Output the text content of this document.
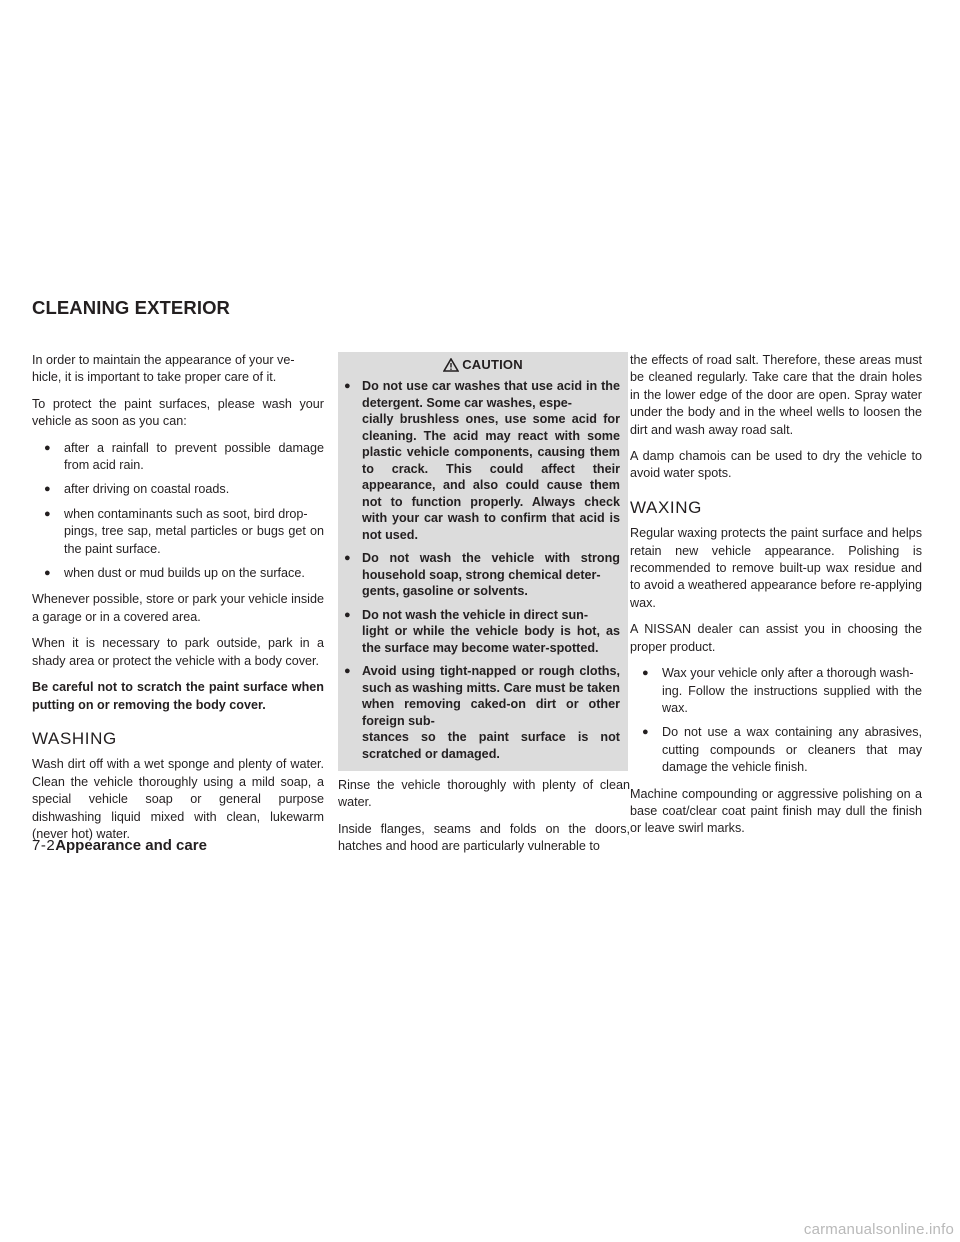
CLEANING EXTERIOR

In order to maintain the appearance of your ve-
hicle, it is important to take proper care of it.

To protect the paint surfaces, please wash your vehicle as soon as you can:

● after a rainfall to prevent possible damage from acid rain.
● after driving on coastal roads.
● when contaminants such as soot, bird drop-
pings, tree sap, metal particles or bugs get on the paint surface.
● when dust or mud builds up on the surface.

Whenever possible, store or park your vehicle inside a garage or in a covered area.

When it is necessary to park outside, park in a shady area or protect the vehicle with a body cover.

Be careful not to scratch the paint surface when putting on or removing the body cover.

WASHING

Wash dirt off with a wet sponge and plenty of water. Clean the vehicle thoroughly using a mild soap, a special vehicle soap or general purpose dishwashing liquid mixed with clean, lukewarm (never hot) water.

CAUTION
● Do not use car washes that use acid in the detergent. Some car washes, espe-
cially brushless ones, use some acid for cleaning. The acid may react with some plastic vehicle components, causing them to crack. This could affect their appearance, and also could cause them not to function properly. Always check with your car wash to confirm that acid is not used.
● Do not wash the vehicle with strong household soap, strong chemical deter-
gents, gasoline or solvents.
● Do not wash the vehicle in direct sun-
light or while the vehicle body is hot, as the surface may become water-spotted.
● Avoid using tight-napped or rough cloths, such as washing mitts. Care must be taken when removing caked-on dirt or other foreign sub-
stances so the paint surface is not scratched or damaged.

Rinse the vehicle thoroughly with plenty of clean water.

Inside flanges, seams and folds on the doors, hatches and hood are particularly vulnerable to

the effects of road salt. Therefore, these areas must be cleaned regularly. Take care that the drain holes in the lower edge of the door are open. Spray water under the body and in the wheel wells to loosen the dirt and wash away road salt.

A damp chamois can be used to dry the vehicle to avoid water spots.

WAXING

Regular waxing protects the paint surface and helps retain new vehicle appearance. Polishing is recommended to remove built-up wax residue and to avoid a weathered appearance before re-applying wax.

A NISSAN dealer can assist you in choosing the proper product.

● Wax your vehicle only after a thorough wash-
ing. Follow the instructions supplied with the wax.
● Do not use a wax containing any abrasives, cutting compounds or cleaners that may damage the vehicle finish.

Machine compounding or aggressive polishing on a base coat/clear coat paint finish may dull the finish or leave swirl marks.

7-2Appearance and care
carmanualsonline.info
